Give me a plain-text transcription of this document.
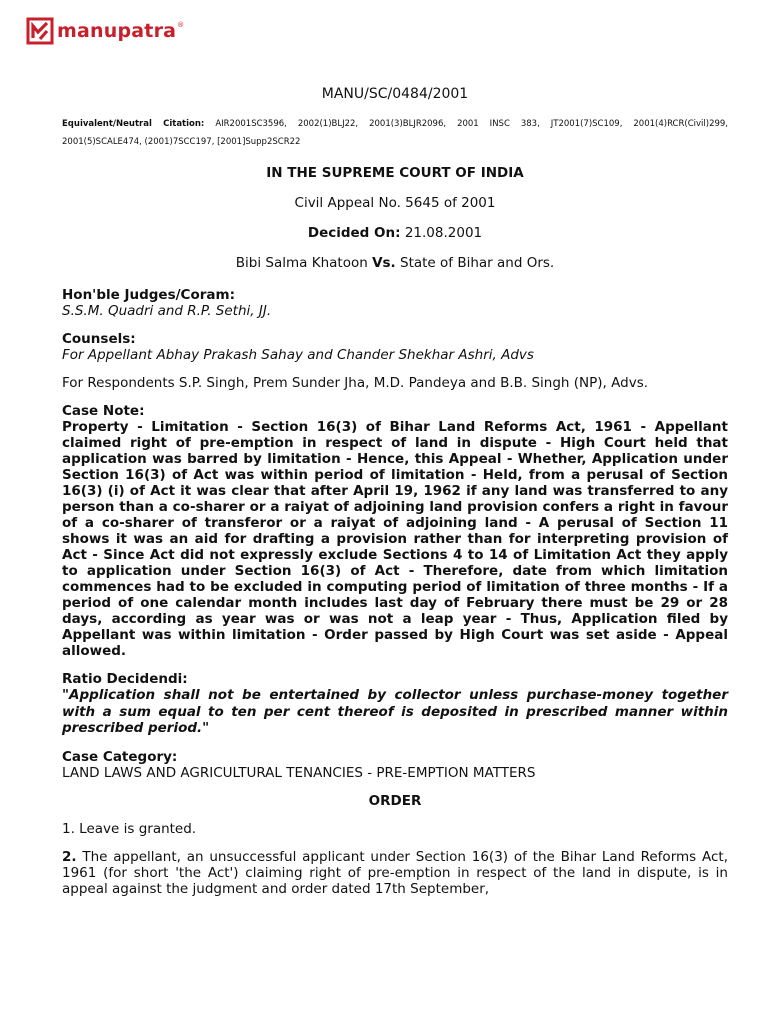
manupatra ®

MANU/SC/0484/2001

Equivalent/Neutral Citation: AIR2001SC3596, 2002(1)BLJ22, 2001(3)BLJR2096, 2001 INSC 383, JT2001(7)SC109, 2001(4)RCR(Civil)299, 2001(5)SCALE474, (2001)7SCC197, [2001]Supp2SCR22
IN THE SUPREME COURT OF INDIA
Civil Appeal No. 5645 of 2001
Decided On: 21.08.2001
Bibi Salma Khatoon Vs. State of Bihar and Ors.
Hon'ble Judges/Coram:
S.S.M. Quadri and R.P. Sethi, JJ.
Counsels:
For Appellant Abhay Prakash Sahay and Chander Shekhar Ashri, Advs
For Respondents S.P. Singh, Prem Sunder Jha, M.D. Pandeya and B.B. Singh (NP), Advs.
Case Note:
Property - Limitation - Section 16(3) of Bihar Land Reforms Act, 1961 - Appellant claimed right of pre-emption in respect of land in dispute - High Court held that application was barred by limitation - Hence, this Appeal - Whether, Application under Section 16(3) of Act was within period of limitation - Held, from a perusal of Section 16(3) (i) of Act it was clear that after April 19, 1962 if any land was transferred to any person than a co-sharer or a raiyat of adjoining land provision confers a right in favour of a co-sharer of transferor or a raiyat of adjoining land - A perusal of Section 11 shows it was an aid for drafting a provision rather than for interpreting provision of Act - Since Act did not expressly exclude Sections 4 to 14 of Limitation Act they apply to application under Section 16(3) of Act - Therefore, date from which limitation commences had to be excluded in computing period of limitation of three months - If a period of one calendar month includes last day of February there must be 29 or 28 days, according as year was or was not a leap year - Thus, Application filed by Appellant was within limitation - Order passed by High Court was set aside - Appeal allowed.
Ratio Decidendi:
"Application shall not be entertained by collector unless purchase-money together with a sum equal to ten per cent thereof is deposited in prescribed manner within prescribed period."
Case Category:
LAND LAWS AND AGRICULTURAL TENANCIES - PRE-EMPTION MATTERS
ORDER
1. Leave is granted.
2. The appellant, an unsuccessful applicant under Section 16(3) of the Bihar Land Reforms Act, 1961 (for short 'the Act') claiming right of pre-emption in respect of the land in dispute, is in appeal against the judgment and order dated 17th September,
